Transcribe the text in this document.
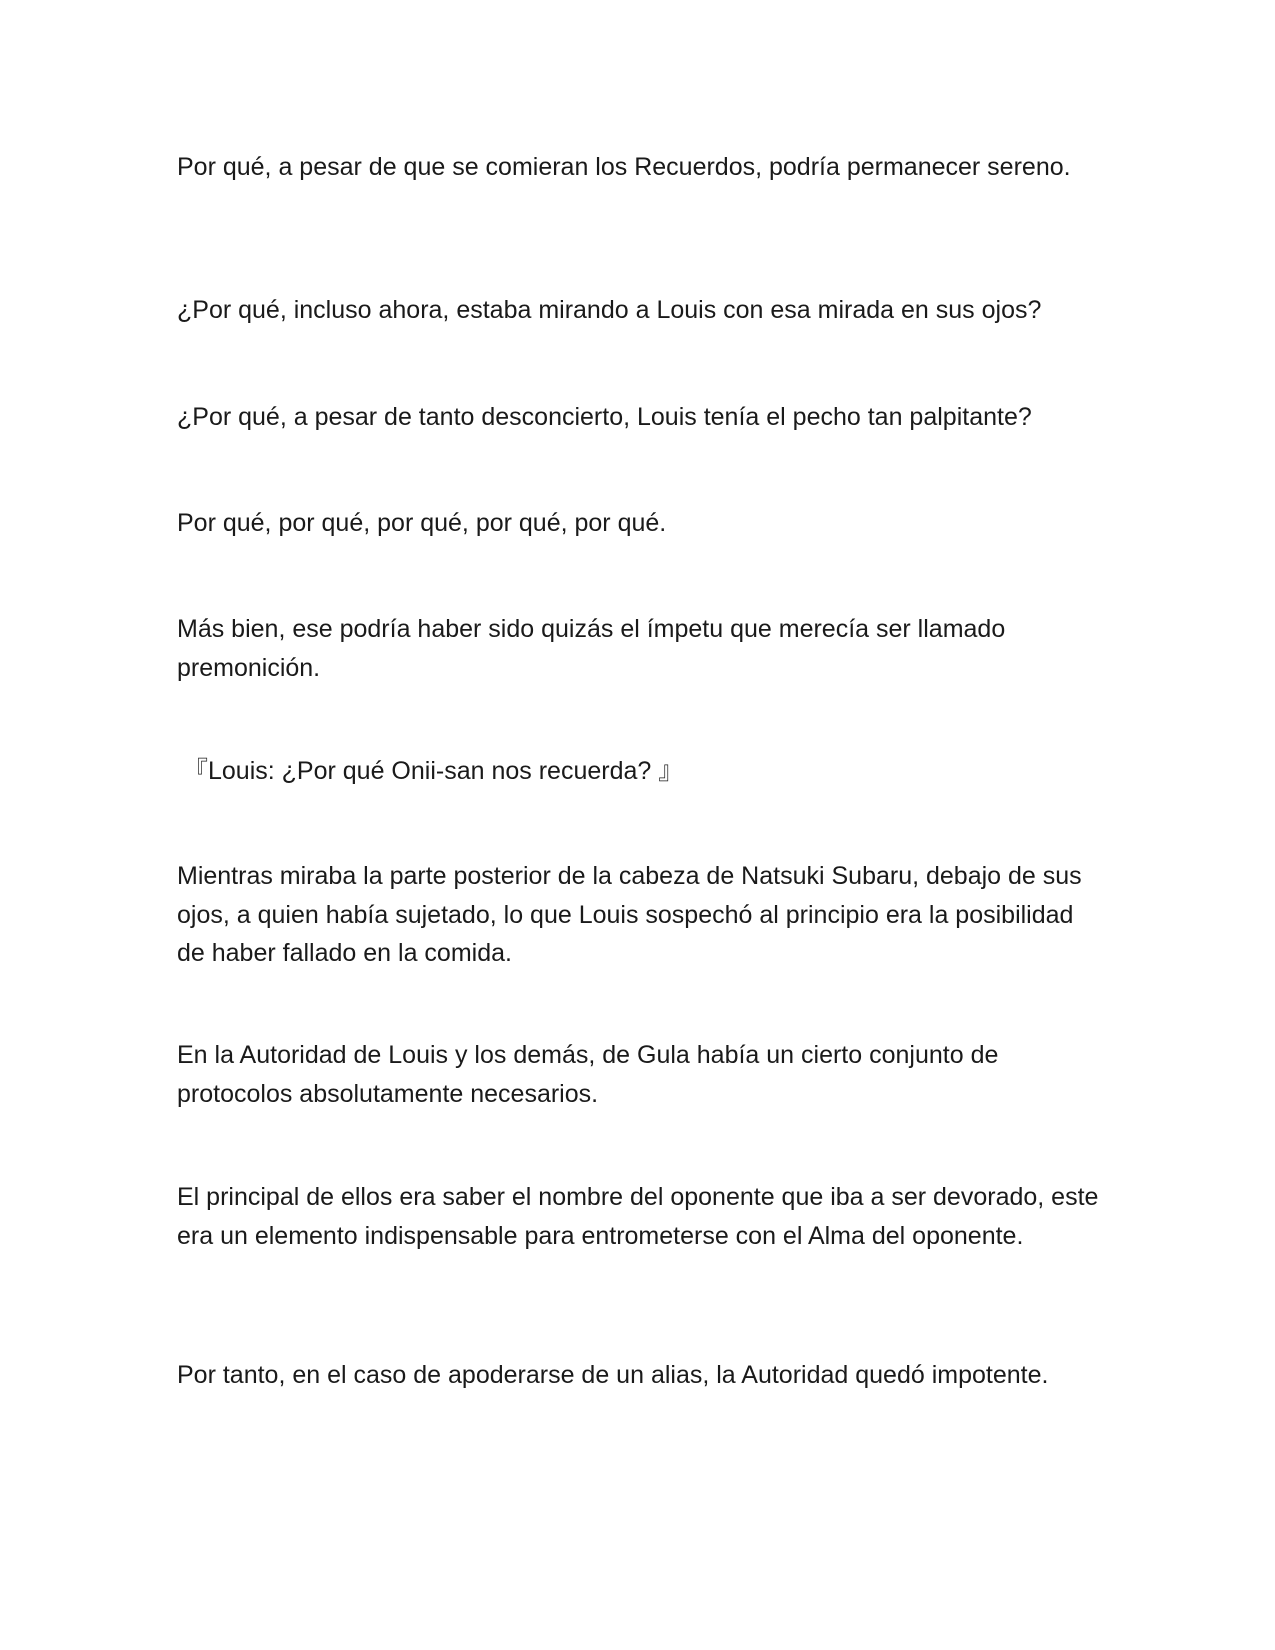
Por qué, a pesar de que se comieran los Recuerdos, podría permanecer sereno.

¿Por qué, incluso ahora, estaba mirando a Louis con esa mirada en sus ojos?

¿Por qué, a pesar de tanto desconcierto, Louis tenía el pecho tan palpitante?

Por qué, por qué, por qué, por qué, por qué.

Más bien, ese podría haber sido quizás el ímpetu que merecía ser llamado premonición.

『Louis: ¿Por qué Onii-san nos recuerda? 』

Mientras miraba la parte posterior de la cabeza de Natsuki Subaru, debajo de sus ojos, a quien había sujetado, lo que Louis sospechó al principio era la posibilidad de haber fallado en la comida.

En la Autoridad de Louis y los demás, de Gula había un cierto conjunto de protocolos absolutamente necesarios.

El principal de ellos era saber el nombre del oponente que iba a ser devorado, este era un elemento indispensable para entrometerse con el Alma del oponente.

Por tanto, en el caso de apoderarse de un alias, la Autoridad quedó impotente.
